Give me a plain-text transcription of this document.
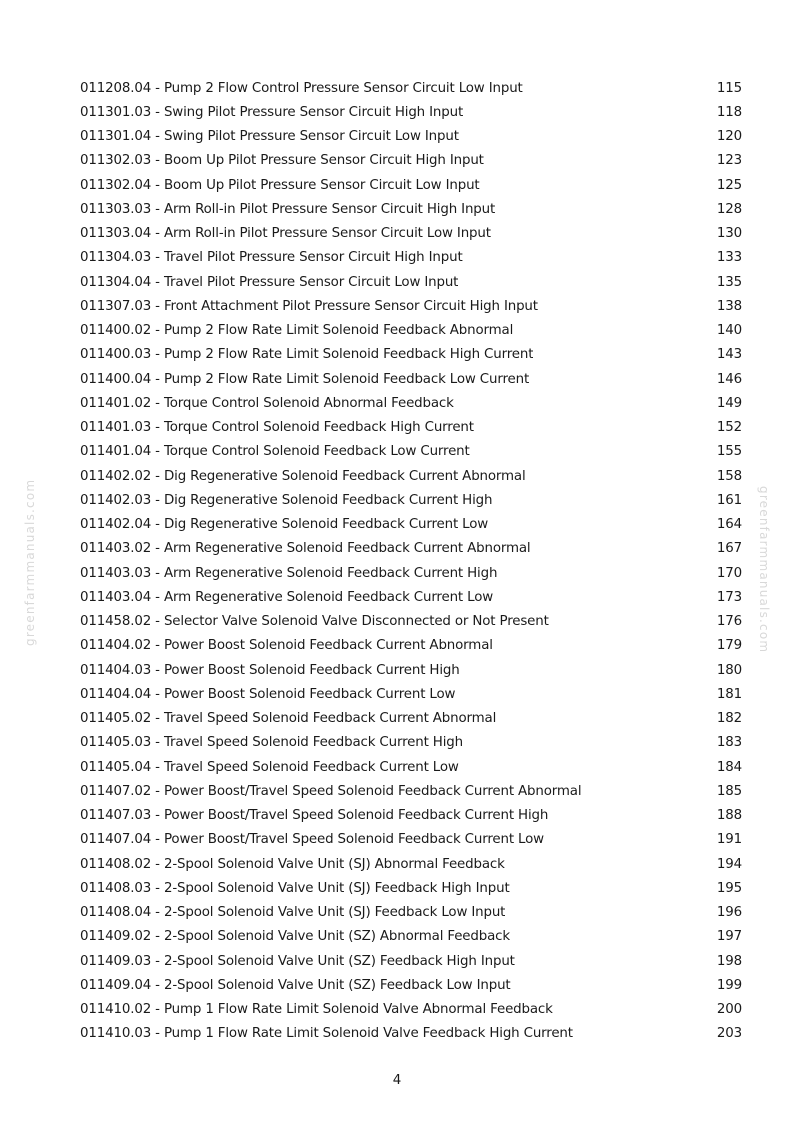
greenfarmmanuals.com	greenfarmmanuals.com
011208.04 - Pump 2 Flow Control Pressure Sensor Circuit Low Input	115
011301.03 - Swing Pilot Pressure Sensor Circuit High Input	118
011301.04 - Swing Pilot Pressure Sensor Circuit Low Input	120
011302.03 - Boom Up Pilot Pressure Sensor Circuit High Input	123
011302.04 - Boom Up Pilot Pressure Sensor Circuit Low Input	125
011303.03 - Arm Roll-in Pilot Pressure Sensor Circuit High Input	128
011303.04 - Arm Roll-in Pilot Pressure Sensor Circuit Low Input	130
011304.03 - Travel Pilot Pressure Sensor Circuit High Input	133
011304.04 - Travel Pilot Pressure Sensor Circuit Low Input	135
011307.03 - Front Attachment Pilot Pressure Sensor Circuit High Input	138
011400.02 - Pump 2 Flow Rate Limit Solenoid Feedback Abnormal	140
011400.03 - Pump 2 Flow Rate Limit Solenoid Feedback High Current	143
011400.04 - Pump 2 Flow Rate Limit Solenoid Feedback Low Current	146
011401.02 - Torque Control Solenoid Abnormal Feedback	149
011401.03 - Torque Control Solenoid Feedback High Current	152
011401.04 - Torque Control Solenoid Feedback Low Current	155
011402.02 - Dig Regenerative Solenoid Feedback Current Abnormal	158
011402.03 - Dig Regenerative Solenoid Feedback Current High	161
011402.04 - Dig Regenerative Solenoid Feedback Current Low	164
011403.02 - Arm Regenerative Solenoid Feedback Current Abnormal	167
011403.03 - Arm Regenerative Solenoid Feedback Current High	170
011403.04 - Arm Regenerative Solenoid Feedback Current Low	173
011458.02 - Selector Valve Solenoid Valve Disconnected or Not Present	176
011404.02 - Power Boost Solenoid Feedback Current Abnormal	179
011404.03 - Power Boost Solenoid Feedback Current High	180
011404.04 - Power Boost Solenoid Feedback Current Low	181
011405.02 - Travel Speed Solenoid Feedback Current Abnormal	182
011405.03 - Travel Speed Solenoid Feedback Current High	183
011405.04 - Travel Speed Solenoid Feedback Current Low	184
011407.02 - Power Boost/Travel Speed Solenoid Feedback Current Abnormal	185
011407.03 - Power Boost/Travel Speed Solenoid Feedback Current High	188
011407.04 - Power Boost/Travel Speed Solenoid Feedback Current Low	191
011408.02 - 2-Spool Solenoid Valve Unit (SJ) Abnormal Feedback	194
011408.03 - 2-Spool Solenoid Valve Unit (SJ) Feedback High Input	195
011408.04 - 2-Spool Solenoid Valve Unit (SJ) Feedback Low Input	196
011409.02 - 2-Spool Solenoid Valve Unit (SZ) Abnormal Feedback	197
011409.03 - 2-Spool Solenoid Valve Unit (SZ) Feedback High Input	198
011409.04 - 2-Spool Solenoid Valve Unit (SZ) Feedback Low Input	199
011410.02 - Pump 1 Flow Rate Limit Solenoid Valve Abnormal Feedback	200
011410.03 - Pump 1 Flow Rate Limit Solenoid Valve Feedback High Current	203
4
